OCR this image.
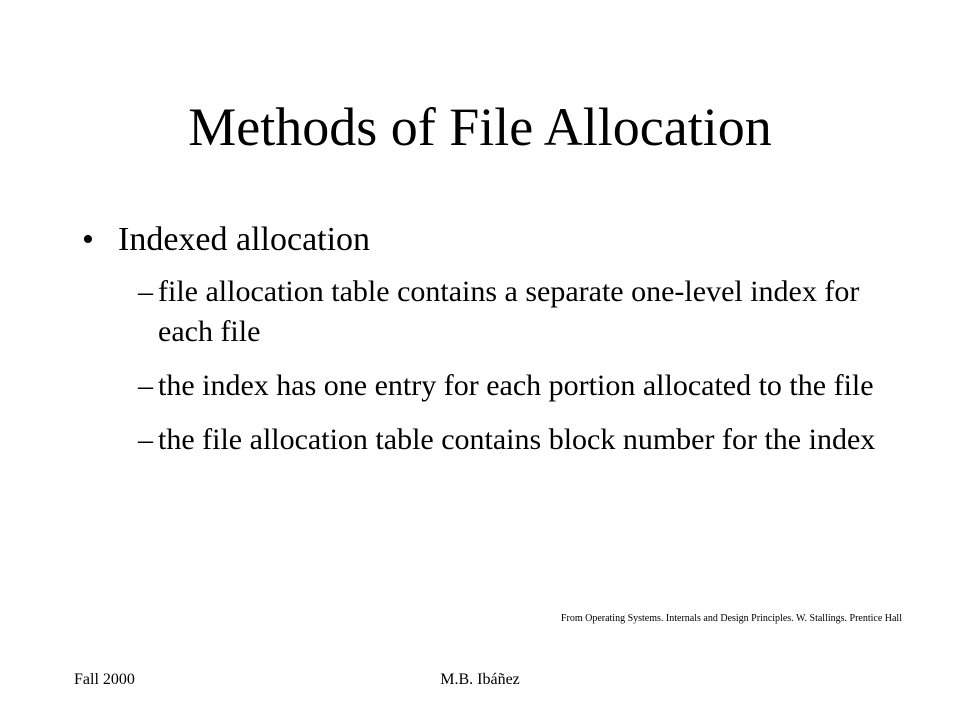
Methods of File Allocation
• Indexed allocation
– file allocation table contains a separate one-level index for each file
– the index has one entry for each portion allocated to the file
– the file allocation table contains block number for the index
From Operating Systems. Internals and Design Principles. W. Stallings. Prentice Hall
Fall 2000	M.B. Ibáñez
